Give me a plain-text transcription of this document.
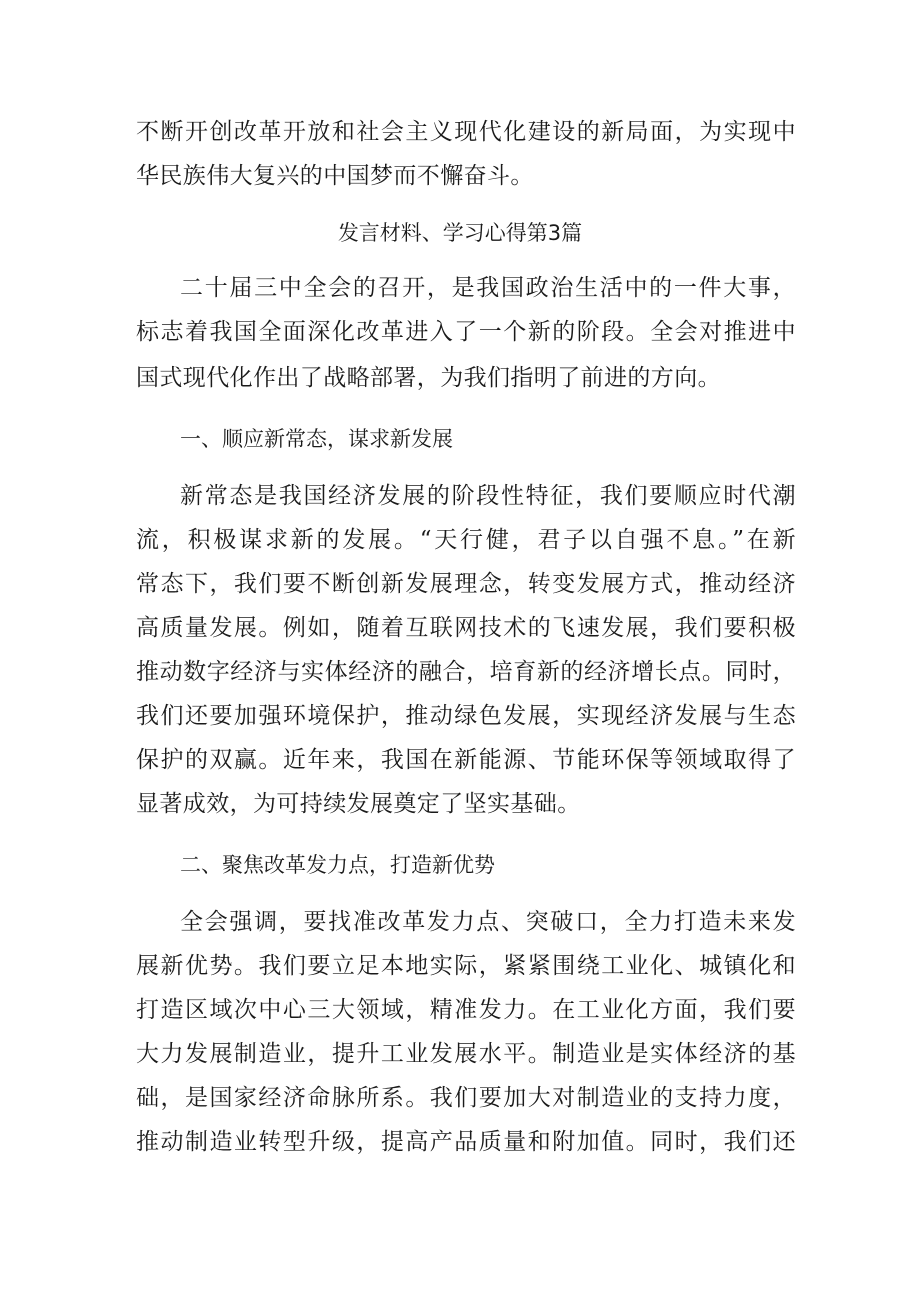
不断开创改革开放和社会主义现代化建设的新局面，为实现中

华民族伟大复兴的中国梦而不懈奋斗。

发言材料、学习心得第3篇

二十届三中全会的召开，是我国政治生活中的一件大事，

标志着我国全面深化改革进入了一个新的阶段。全会对推进中

国式现代化作出了战略部署，为我们指明了前进的方向。

一、顺应新常态，谋求新发展

新常态是我国经济发展的阶段性特征，我们要顺应时代潮

流，积极谋求新的发展。“天行健，君子以自强不息。”在新

常态下，我们要不断创新发展理念，转变发展方式，推动经济

高质量发展。例如，随着互联网技术的飞速发展，我们要积极

推动数字经济与实体经济的融合，培育新的经济增长点。同时，

我们还要加强环境保护，推动绿色发展，实现经济发展与生态

保护的双赢。近年来，我国在新能源、节能环保等领域取得了

显著成效，为可持续发展奠定了坚实基础。

二、聚焦改革发力点，打造新优势

全会强调，要找准改革发力点、突破口，全力打造未来发

展新优势。我们要立足本地实际，紧紧围绕工业化、城镇化和

打造区域次中心三大领域，精准发力。在工业化方面，我们要

大力发展制造业，提升工业发展水平。制造业是实体经济的基

础，是国家经济命脉所系。我们要加大对制造业的支持力度，

推动制造业转型升级，提高产品质量和附加值。同时，我们还
